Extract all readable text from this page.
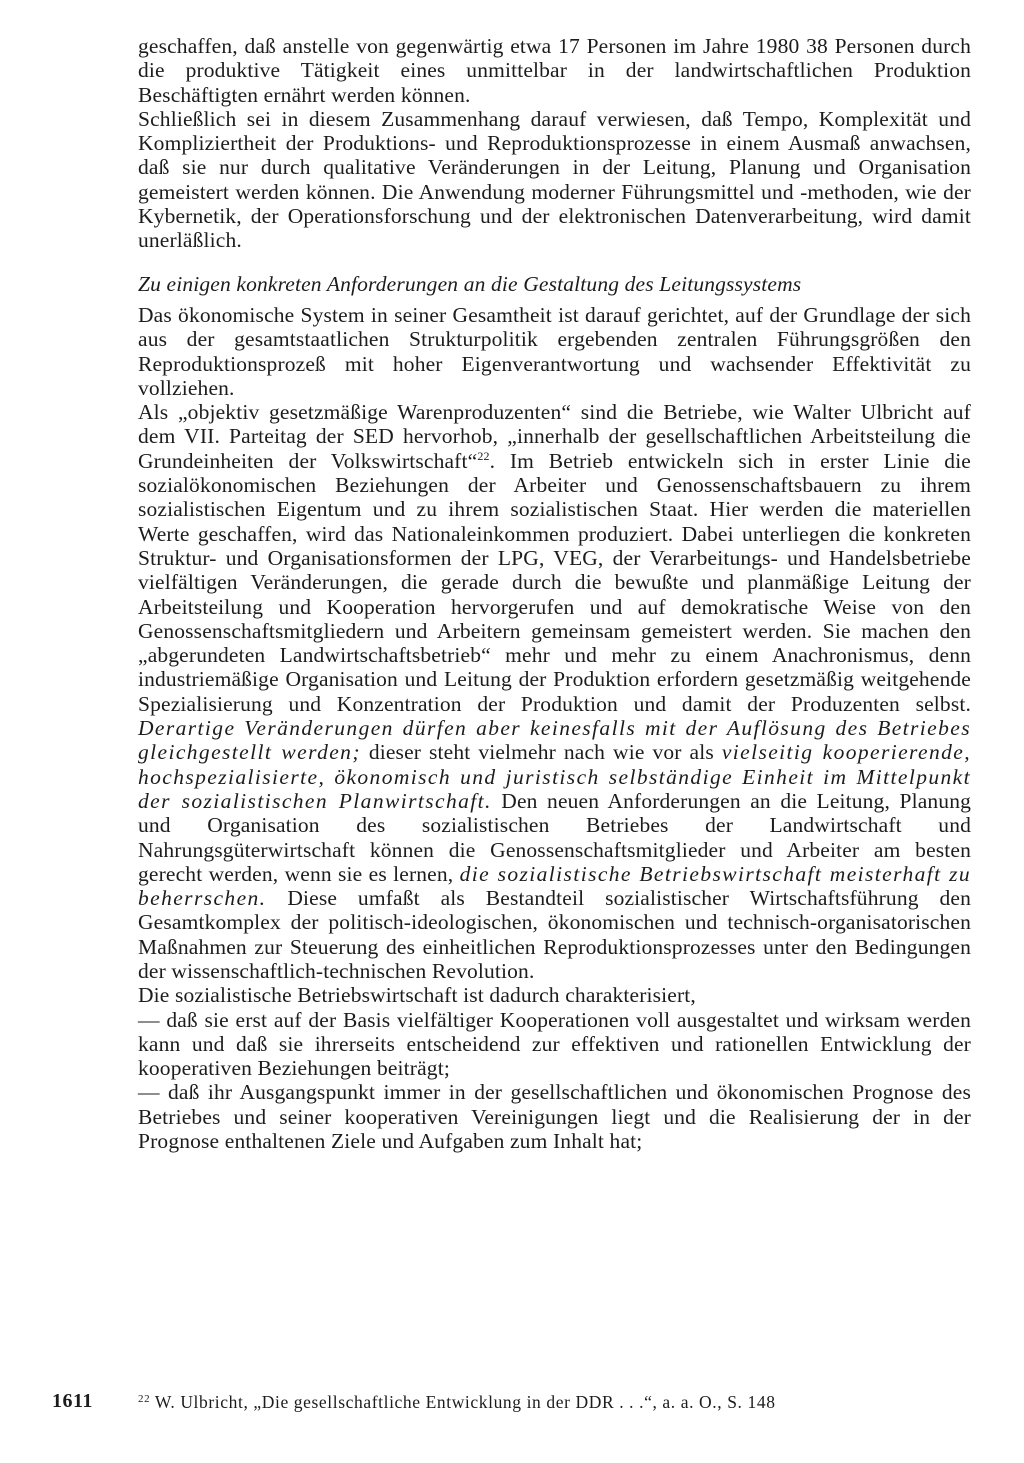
geschaffen, daß anstelle von gegenwärtig etwa 17 Personen im Jahre 1980 38 Personen durch die produktive Tätigkeit eines unmittelbar in der landwirtschaftlichen Produktion Beschäftigten ernährt werden können.

Schließlich sei in diesem Zusammenhang darauf verwiesen, daß Tempo, Komplexität und Kompliziertheit der Produktions- und Reproduktionsprozesse in einem Ausmaß anwachsen, daß sie nur durch qualitative Veränderungen in der Leitung, Planung und Organisation gemeistert werden können. Die Anwendung moderner Führungsmittel und -methoden, wie der Kybernetik, der Operationsforschung und der elektronischen Datenverarbeitung, wird damit unerläßlich.

Zu einigen konkreten Anforderungen an die Gestaltung des Leitungssystems

Das ökonomische System in seiner Gesamtheit ist darauf gerichtet, auf der Grundlage der sich aus der gesamtstaatlichen Strukturpolitik ergebenden zentralen Führungsgrößen den Reproduktionsprozeß mit hoher Eigenverantwortung und wachsender Effektivität zu vollziehen.

Als „objektiv gesetzmäßige Warenproduzenten“ sind die Betriebe, wie Walter Ulbricht auf dem VII. Parteitag der SED hervorhob, „innerhalb der gesellschaftlichen Arbeitsteilung die Grundeinheiten der Volkswirtschaft“$^{22}$. Im Betrieb entwickeln sich in erster Linie die sozialökonomischen Beziehungen der Arbeiter und Genossenschaftsbauern zu ihrem sozialistischen Eigentum und zu ihrem sozialistischen Staat. Hier werden die materiellen Werte geschaffen, wird das Nationaleinkommen produziert. Dabei unterliegen die konkreten Struktur- und Organisationsformen der LPG, VEG, der Verarbeitungs- und Handelsbetriebe vielfältigen Veränderungen, die gerade durch die bewußte und planmäßige Leitung der Arbeitsteilung und Kooperation hervorgerufen und auf demokratische Weise von den Genossenschaftsmitgliedern und Arbeitern gemeinsam gemeistert werden. Sie machen den „abgerundeten Landwirtschaftsbetrieb“ mehr und mehr zu einem Anachronismus, denn industriemäßige Organisation und Leitung der Produktion erfordern gesetzmäßig weitgehende Spezialisierung und Konzentration der Produktion und damit der Produzenten selbst. Derartige Veränderungen dürfen aber keinesfalls mit der Auflösung des Betriebes gleichgestellt werden; dieser steht vielmehr nach wie vor als vielseitig kooperierende, hochspezialisierte, ökonomisch und juristisch selbständige Einheit im Mittelpunkt der sozialistischen Planwirtschaft. Den neuen Anforderungen an die Leitung, Planung und Organisation des sozialistischen Betriebes der Landwirtschaft und Nahrungsgüterwirtschaft können die Genossenschaftsmitglieder und Arbeiter am besten gerecht werden, wenn sie es lernen, die sozialistische Betriebswirtschaft meisterhaft zu beherrschen. Diese umfaßt als Bestandteil sozialistischer Wirtschaftsführung den Gesamtkomplex der politisch-ideologischen, ökonomischen und technisch-organisatorischen Maßnahmen zur Steuerung des einheitlichen Reproduktionsprozesses unter den Bedingungen der wissenschaftlich-technischen Revolution.

Die sozialistische Betriebswirtschaft ist dadurch charakterisiert,

— daß sie erst auf der Basis vielfältiger Kooperationen voll ausgestaltet und wirksam werden kann und daß sie ihrerseits entscheidend zur effektiven und rationellen Entwicklung der kooperativen Beziehungen beiträgt;

— daß ihr Ausgangspunkt immer in der gesellschaftlichen und ökonomischen Prognose des Betriebes und seiner kooperativen Vereinigungen liegt und die Realisierung der in der Prognose enthaltenen Ziele und Aufgaben zum Inhalt hat;

1611	$^{22}$ W. Ulbricht, „Die gesellschaftliche Entwicklung in der DDR . . .“, a. a. O., S. 148
